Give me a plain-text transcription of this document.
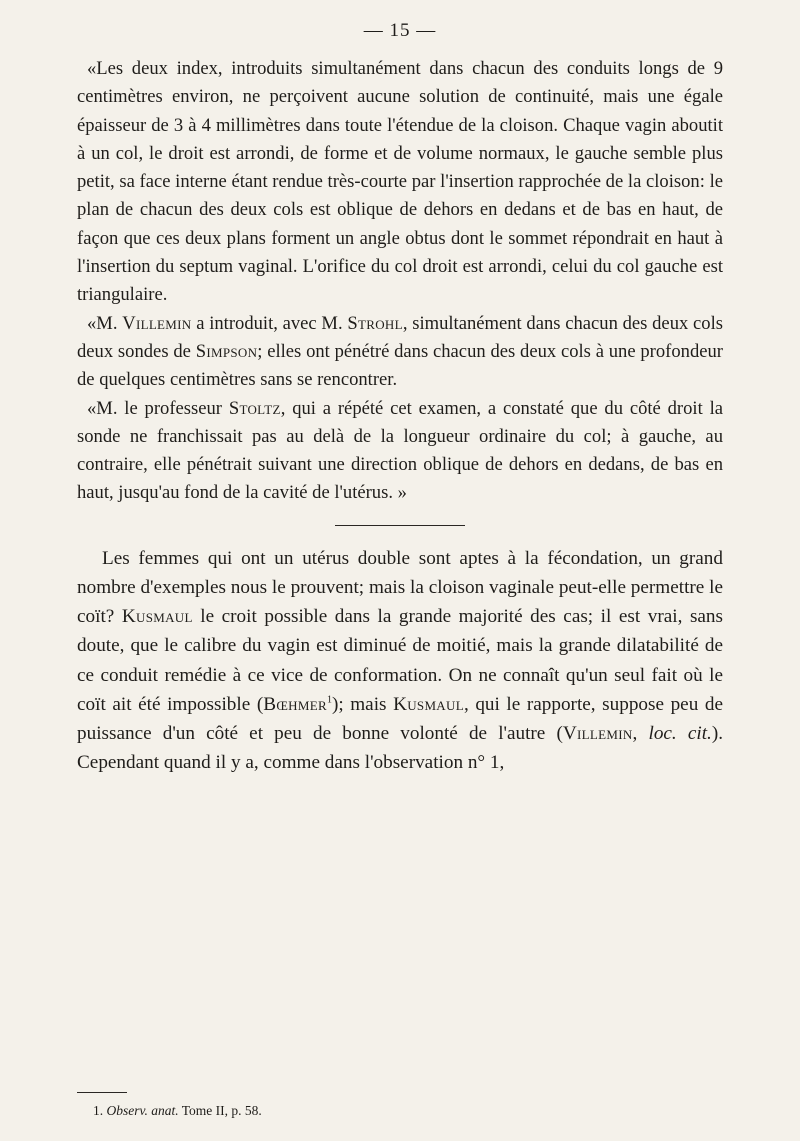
— 15 —

«Les deux index, introduits simultanément dans chacun des conduits longs de 9 centimètres environ, ne perçoivent aucune solution de continuité, mais une égale épaisseur de 3 à 4 millimètres dans toute l'étendue de la cloison. Chaque vagin aboutit à un col, le droit est arrondi, de forme et de volume normaux, le gauche semble plus petit, sa face interne étant rendue très-courte par l'insertion rapprochée de la cloison: le plan de chacun des deux cols est oblique de dehors en dedans et de bas en haut, de façon que ces deux plans forment un angle obtus dont le sommet répondrait en haut à l'insertion du septum vaginal. L'orifice du col droit est arrondi, celui du col gauche est triangulaire.

«M. Villemin a introduit, avec M. Strohl, simultanément dans chacun des deux cols deux sondes de Simpson; elles ont pénétré dans chacun des deux cols à une profondeur de quelques centimètres sans se rencontrer.

«M. le professeur Stoltz, qui a répété cet examen, a constaté que du côté droit la sonde ne franchissait pas au delà de la longueur ordinaire du col; à gauche, au contraire, elle pénétrait suivant une direction oblique de dehors en dedans, de bas en haut, jusqu'au fond de la cavité de l'utérus. »

Les femmes qui ont un utérus double sont aptes à la fécondation, un grand nombre d'exemples nous le prouvent; mais la cloison vaginale peut-elle permettre le coït? Kusmaul le croit possible dans la grande majorité des cas; il est vrai, sans doute, que le calibre du vagin est diminué de moitié, mais la grande dilatabilité de ce conduit remédie à ce vice de conformation. On ne connaît qu'un seul fait où le coït ait été impossible (Bœhmer$^1$); mais Kusmaul, qui le rapporte, suppose peu de puissance d'un côté et peu de bonne volonté de l'autre (Villemin, loc. cit.). Cependant quand il y a, comme dans l'observation n° 1,

1. Observ. anat. Tome II, p. 58.
